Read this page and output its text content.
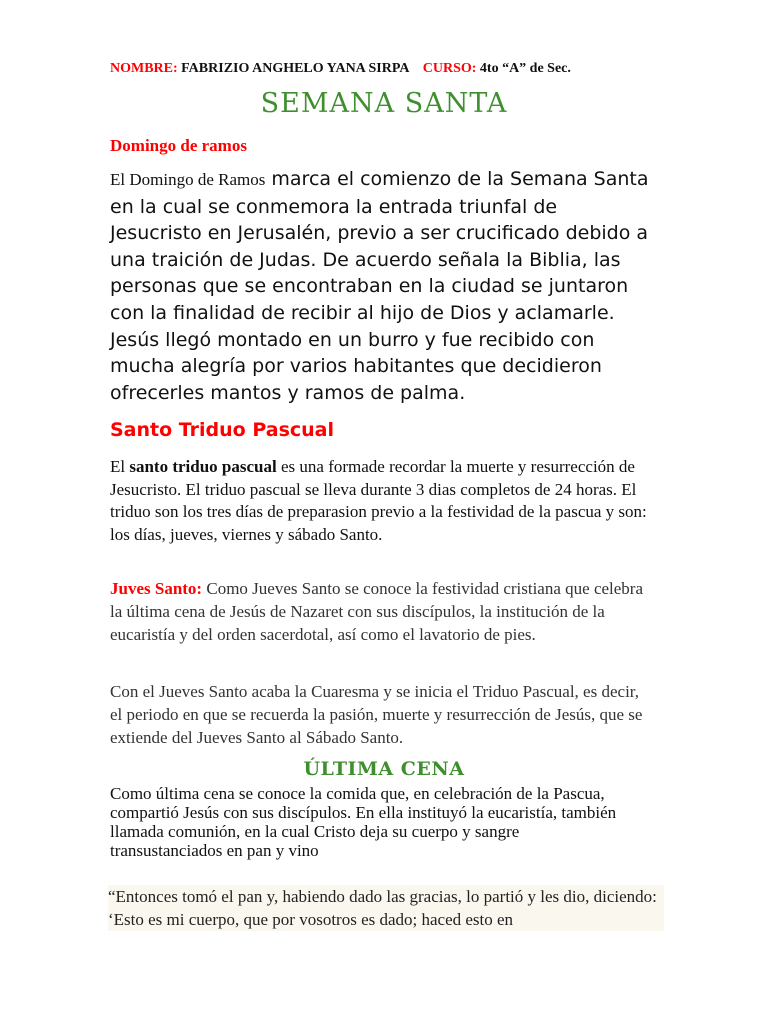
NOMBRE: FABRIZIO ANGHELO YANA SIRPA CURSO: 4to “A” de Sec.
SEMANA SANTA
Domingo de ramos
El Domingo de Ramos marca el comienzo de la Semana Santa en la cual se conmemora la entrada triunfal de Jesucristo en Jerusalén, previo a ser crucificado debido a una traición de Judas. De acuerdo señala la Biblia, las personas que se encontraban en la ciudad se juntaron con la finalidad de recibir al hijo de Dios y aclamarle. Jesús llegó montado en un burro y fue recibido con mucha alegría por varios habitantes que decidieron ofrecerles mantos y ramos de palma.
Santo Triduo Pascual
El santo triduo pascual es una formade recordar la muerte y resurrección de Jesucristo. El triduo pascual se lleva durante 3 dias completos de 24 horas. El triduo son los tres días de preparasion previo a la festividad de la pascua y son: los días, jueves, viernes y sábado Santo.
Juves Santo: Como Jueves Santo se conoce la festividad cristiana que celebra la última cena de Jesús de Nazaret con sus discípulos, la institución de la eucaristía y del orden sacerdotal, así como el lavatorio de pies.
Con el Jueves Santo acaba la Cuaresma y se inicia el Triduo Pascual, es decir, el periodo en que se recuerda la pasión, muerte y resurrección de Jesús, que se extiende del Jueves Santo al Sábado Santo.
ÚLTIMA CENA
Como última cena se conoce la comida que, en celebración de la Pascua, compartió Jesús con sus discípulos. En ella instituyó la eucaristía, también llamada comunión, en la cual Cristo deja su cuerpo y sangre transustanciados en pan y vino
“Entonces tomó el pan y, habiendo dado las gracias, lo partió y les dio, diciendo: ‘Esto es mi cuerpo, que por vosotros es dado; haced esto en
